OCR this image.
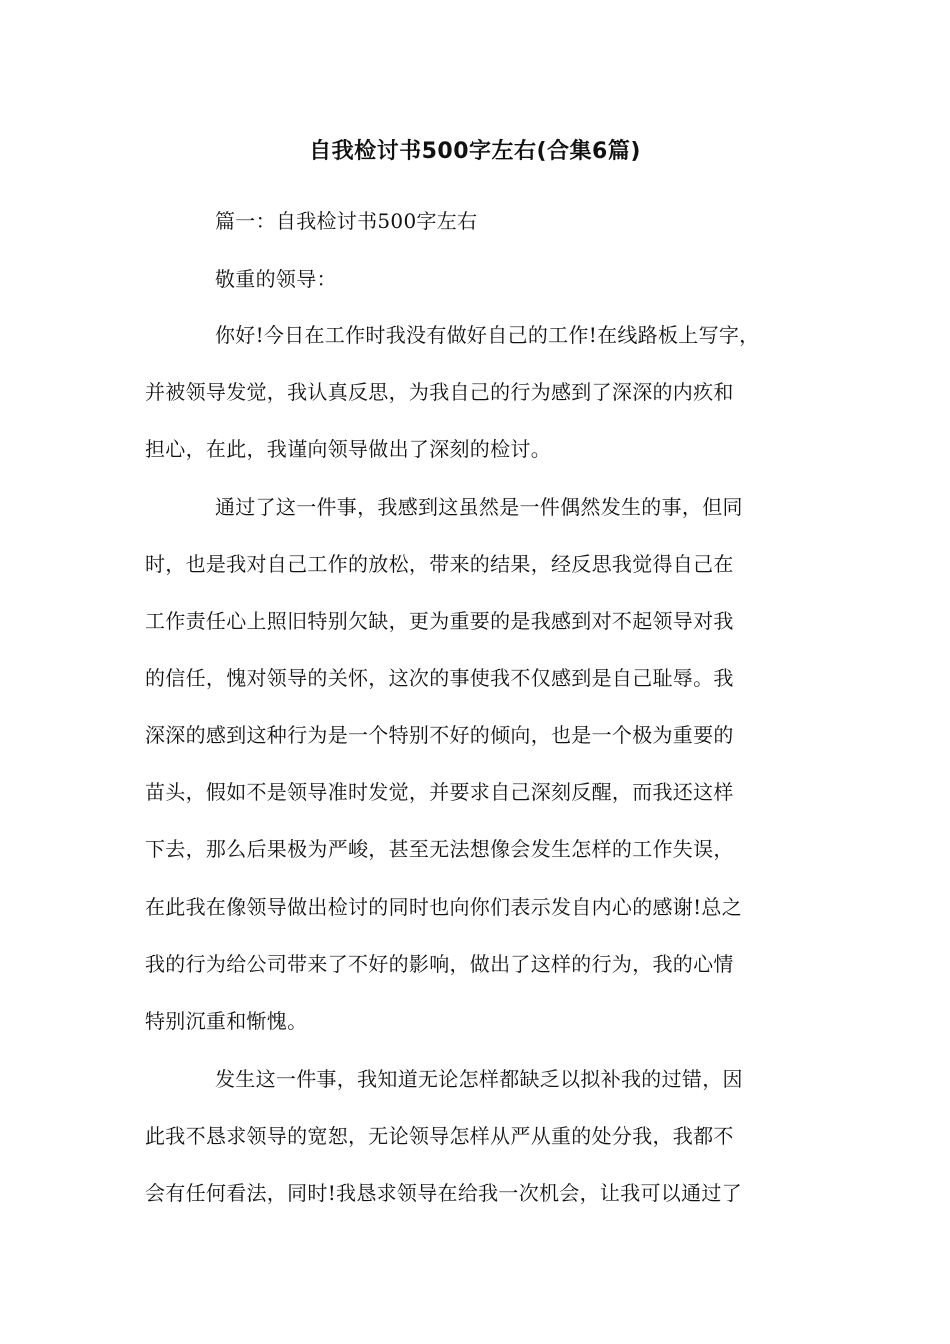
自我检讨书500字左右(合集6篇)
篇一：自我检讨书500字左右
敬重的领导：
你好!今日在工作时我没有做好自己的工作!在线路板上写字，
并被领导发觉，我认真反思，为我自己的行为感到了深深的内疚和
担心，在此，我谨向领导做出了深刻的检讨。
通过了这一件事，我感到这虽然是一件偶然发生的事，但同
时，也是我对自己工作的放松，带来的结果，经反思我觉得自己在
工作责任心上照旧特别欠缺，更为重要的是我感到对不起领导对我
的信任，愧对领导的关怀，这次的事使我不仅感到是自己耻辱。我
深深的感到这种行为是一个特别不好的倾向，也是一个极为重要的
苗头，假如不是领导准时发觉，并要求自己深刻反醒，而我还这样
下去，那么后果极为严峻，甚至无法想像会发生怎样的工作失误，
在此我在像领导做出检讨的同时也向你们表示发自内心的感谢!总之
我的行为给公司带来了不好的影响，做出了这样的行为，我的心情
特别沉重和惭愧。
发生这一件事，我知道无论怎样都缺乏以拟补我的过错，因
此我不恳求领导的宽恕，无论领导怎样从严从重的处分我，我都不
会有任何看法，同时!我恳求领导在给我一次机会，让我可以通过了
